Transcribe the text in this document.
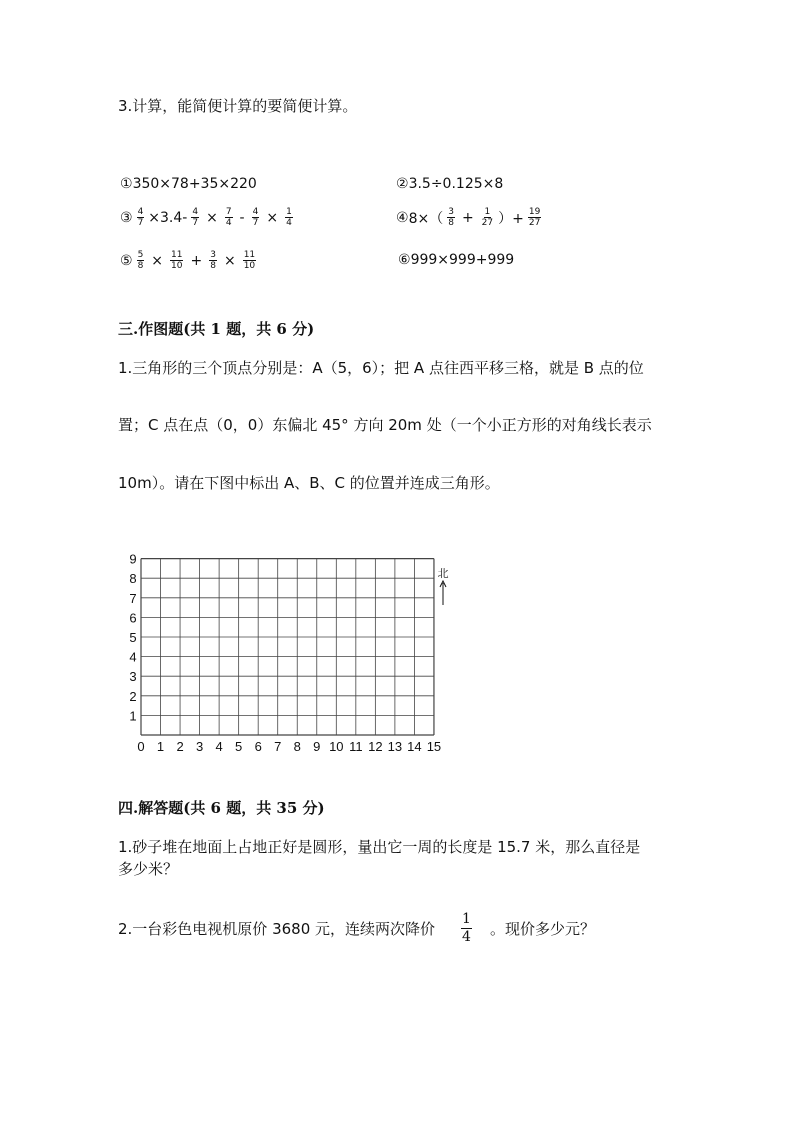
3.计算，能简便计算的要简便计算。
① 350×78+35×220	② 3.5÷0.125×8
③ $\frac{4}{7} \times 3.4- \frac{4}{7} \times \frac{7}{4} - \frac{4}{7} \times \frac{1}{4}$	④ $8\times( \frac{3}{8} + \frac{1}{27}$ ）+ $\frac{19}{27}$
⑤ $\frac{5}{8} \times \frac{11}{10} + \frac{3}{8} \times \frac{11}{10}$	⑥ 999×999+999
三.作图题(共 1 题，共 6 分)
1.三角形的三个顶点分别是：A（5，6）；把 A 点往西平移三格，就是 B 点的位
置；C 点在点（0，0）东偏北 45° 方向 20m 处（一个小正方形的对角线长表示
10m）。请在下图中标出 A、B、C 的位置并连成三角形。
0 1 2 3 4 5 6 7 8 9 10 11 12 13 14 15
1
2
3
4
5
6
7
8
9
北
四.解答题(共 6 题，共 35 分)
1.砂子堆在地面上占地正好是圆形，量出它一周的长度是 15.7 米，那么直径是
多少米？
2.一台彩色电视机原价 3680 元，连续两次降价 $\frac{1}{4}$ 。现价多少元？
